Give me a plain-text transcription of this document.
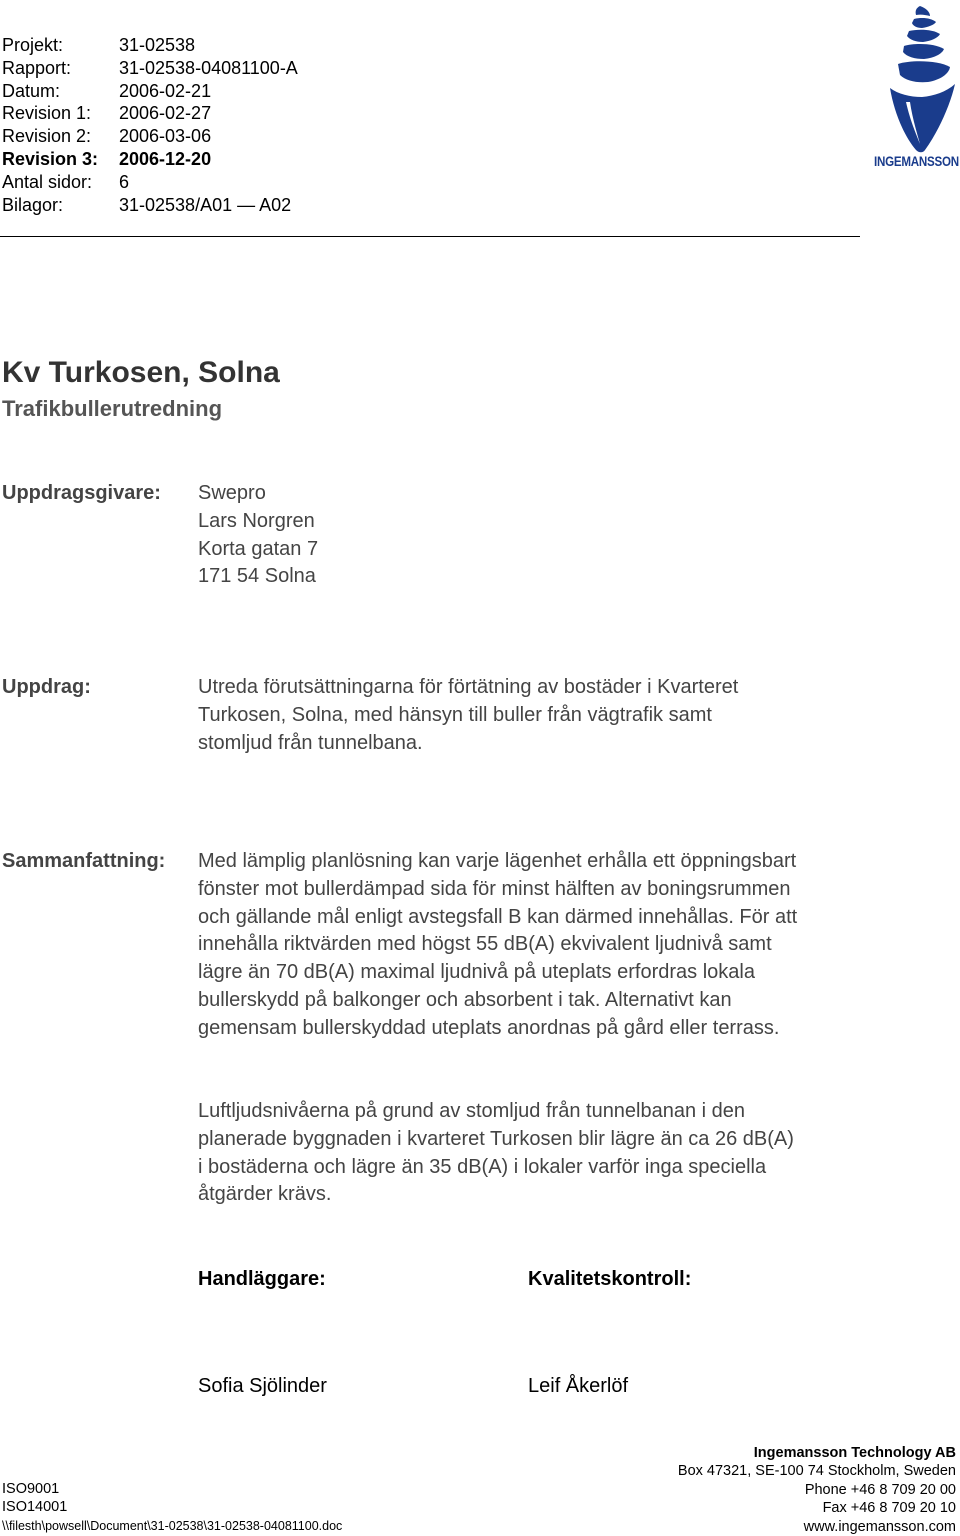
Projekt:	31-02538
Rapport:	31-02538-04081100-A
Datum:	2006-02-21
Revision 1:	2006-02-27
Revision 2:	2006-03-06
Revision 3:	2006-12-20
Antal sidor:	6
Bilagor:	31-02538/A01 — A02
INGEMANSSON
Kv Turkosen, Solna
Trafikbullerutredning
Uppdragsgivare: Swepro
Lars Norgren
Korta gatan 7
171 54 Solna
Uppdrag:	Utreda förutsättningarna för förtätning av bostäder i Kvarteret
Turkosen, Solna, med hänsyn till buller från vägtrafik samt
stomljud från tunnelbana.
Sammanfattning: Med lämplig planlösning kan varje lägenhet erhålla ett öppningsbart
fönster mot bullerdämpad sida för minst hälften av boningsrummen
och gällande mål enligt avstegsfall B kan därmed innehållas. För att
innehålla riktvärden med högst 55 dB(A) ekvivalent ljudnivå samt
lägre än 70 dB(A) maximal ljudnivå på uteplats erfordras lokala
bullerskydd på balkonger och absorbent i tak. Alternativt kan
gemensam bullerskyddad uteplats anordnas på gård eller terrass.
Luftljudsnivåerna på grund av stomljud från tunnelbanan i den
planerade byggnaden i kvarteret Turkosen blir lägre än ca 26 dB(A)
i bostäderna och lägre än 35 dB(A) i lokaler varför inga speciella
åtgärder krävs.
Handläggare:	Kvalitetskontroll:
Sofia Sjölinder	Leif Åkerlöf
ISO9001
ISO14001
\\filesth\powsell\Document\31-02538\31-02538-04081100.doc
Ingemansson Technology AB
Box 47321, SE-100 74 Stockholm, Sweden
Phone +46 8 709 20 00
Fax +46 8 709 20 10
www.ingemansson.com
